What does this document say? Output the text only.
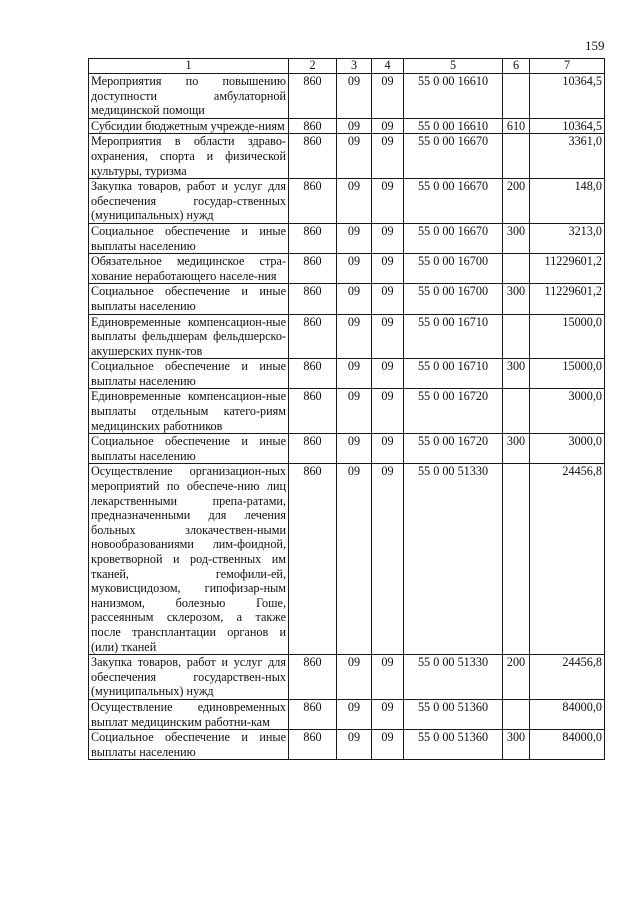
159
1	2	3	4	5	6	7
Мероприятия по повышению доступности амбулаторной медицинской помощи	860	09	09	55 0 00 16610		10364,5
Субсидии бюджетным учрежде-ниям	860	09	09	55 0 00 16610	610	10364,5
Мероприятия в области здраво-охранения, спорта и физической культуры, туризма	860	09	09	55 0 00 16670		3361,0
Закупка товаров, работ и услуг для обеспечения государ-ственных (муниципальных) нужд	860	09	09	55 0 00 16670	200	148,0
Социальное обеспечение и иные выплаты населению	860	09	09	55 0 00 16670	300	3213,0
Обязательное медицинское стра-хование неработающего населе-ния	860	09	09	55 0 00 16700		11229601,2
Социальное обеспечение и иные выплаты населению	860	09	09	55 0 00 16700	300	11229601,2
Единовременные компенсацион-ные выплаты фельдшерам фельдшерско-акушерских пунк-тов	860	09	09	55 0 00 16710		15000,0
Социальное обеспечение и иные выплаты населению	860	09	09	55 0 00 16710	300	15000,0
Единовременные компенсацион-ные выплаты отдельным катего-риям медицинских работников	860	09	09	55 0 00 16720		3000,0
Социальное обеспечение и иные выплаты населению	860	09	09	55 0 00 16720	300	3000,0
Осуществление организацион-ных мероприятий по обеспече-нию лиц лекарственными препа-ратами, предназначенными для лечения больных злокачествен-ными новообразованиями лим-фоидной, кроветворной и род-ственных им тканей, гемофили-ей, муковисцидозом, гипофизар-ным нанизмом, болезнью Гоше, рассеянным склерозом, а также после трансплантации органов и (или) тканей	860	09	09	55 0 00 51330		24456,8
Закупка товаров, работ и услуг для обеспечения государствен-ных (муниципальных) нужд	860	09	09	55 0 00 51330	200	24456,8
Осуществление единовременных выплат медицинским работни-кам	860	09	09	55 0 00 51360		84000,0
Социальное обеспечение и иные выплаты населению	860	09	09	55 0 00 51360	300	84000,0
